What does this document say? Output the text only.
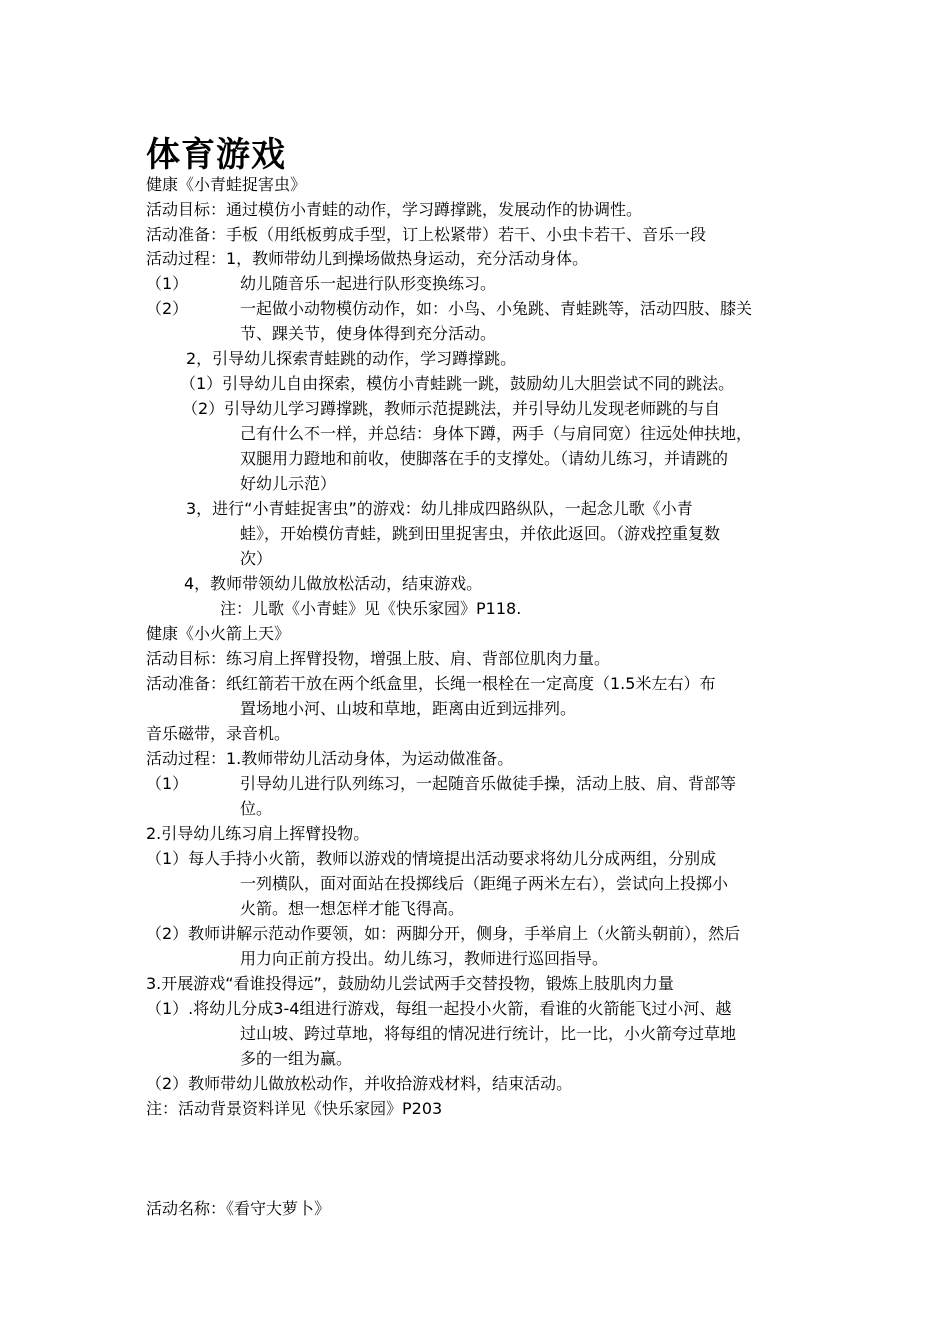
体育游戏
健康《小青蛙捉害虫》
活动目标：通过模仿小青蛙的动作，学习蹲撑跳，发展动作的协调性。
活动准备：手板（用纸板剪成手型，订上松紧带）若干、小虫卡若干、音乐一段
活动过程：1，教师带幼儿到操场做热身运动，充分活动身体。
（1）	幼儿随音乐一起进行队形变换练习。
（2）	一起做小动物模仿动作，如：小鸟、小兔跳、青蛙跳等，活动四肢、膝关
节、踝关节，使身体得到充分活动。
2，引导幼儿探索青蛙跳的动作，学习蹲撑跳。
（1）引导幼儿自由探索，模仿小青蛙跳一跳，鼓励幼儿大胆尝试不同的跳法。
（2）引导幼儿学习蹲撑跳，教师示范提跳法，并引导幼儿发现老师跳的与自
己有什么不一样，并总结：身体下蹲，两手（与肩同宽）往远处伸扶地，
双腿用力蹬地和前收，使脚落在手的支撑处。（请幼儿练习，并请跳的
好幼儿示范）
3，进行“小青蛙捉害虫”的游戏：幼儿排成四路纵队，一起念儿歌《小青
蛙》，开始模仿青蛙，跳到田里捉害虫，并依此返回。（游戏控重复数
次）
4，教师带领幼儿做放松活动，结束游戏。
注：儿歌《小青蛙》见《快乐家园》P118.
健康《小火箭上天》
活动目标：练习肩上挥臂投物，增强上肢、肩、背部位肌肉力量。
活动准备：纸红箭若干放在两个纸盒里，长绳一根栓在一定高度（1.5米左右）布
置场地小河、山坡和草地，距离由近到远排列。
音乐磁带，录音机。
活动过程：1.教师带幼儿活动身体，为运动做准备。
（1）	引导幼儿进行队列练习，一起随音乐做徒手操，活动上肢、肩、背部等
位。
2.引导幼儿练习肩上挥臂投物。
（1）每人手持小火箭，教师以游戏的情境提出活动要求将幼儿分成两组，分别成
一列横队，面对面站在投掷线后（距绳子两米左右），尝试向上投掷小
火箭。想一想怎样才能飞得高。
（2）教师讲解示范动作要领，如：两脚分开，侧身，手举肩上（火箭头朝前），然后
用力向正前方投出。幼儿练习，教师进行巡回指导。
3.开展游戏“看谁投得远”，鼓励幼儿尝试两手交替投物，锻炼上肢肌肉力量
（1）.将幼儿分成3-4组进行游戏，每组一起投小火箭，看谁的火箭能飞过小河、越
过山坡、跨过草地，将每组的情况进行统计，比一比，小火箭夸过草地
多的一组为赢。
（2）教师带幼儿做放松动作，并收拾游戏材料，结束活动。
注：活动背景资料详见《快乐家园》P203
活动名称：《看守大萝卜》
